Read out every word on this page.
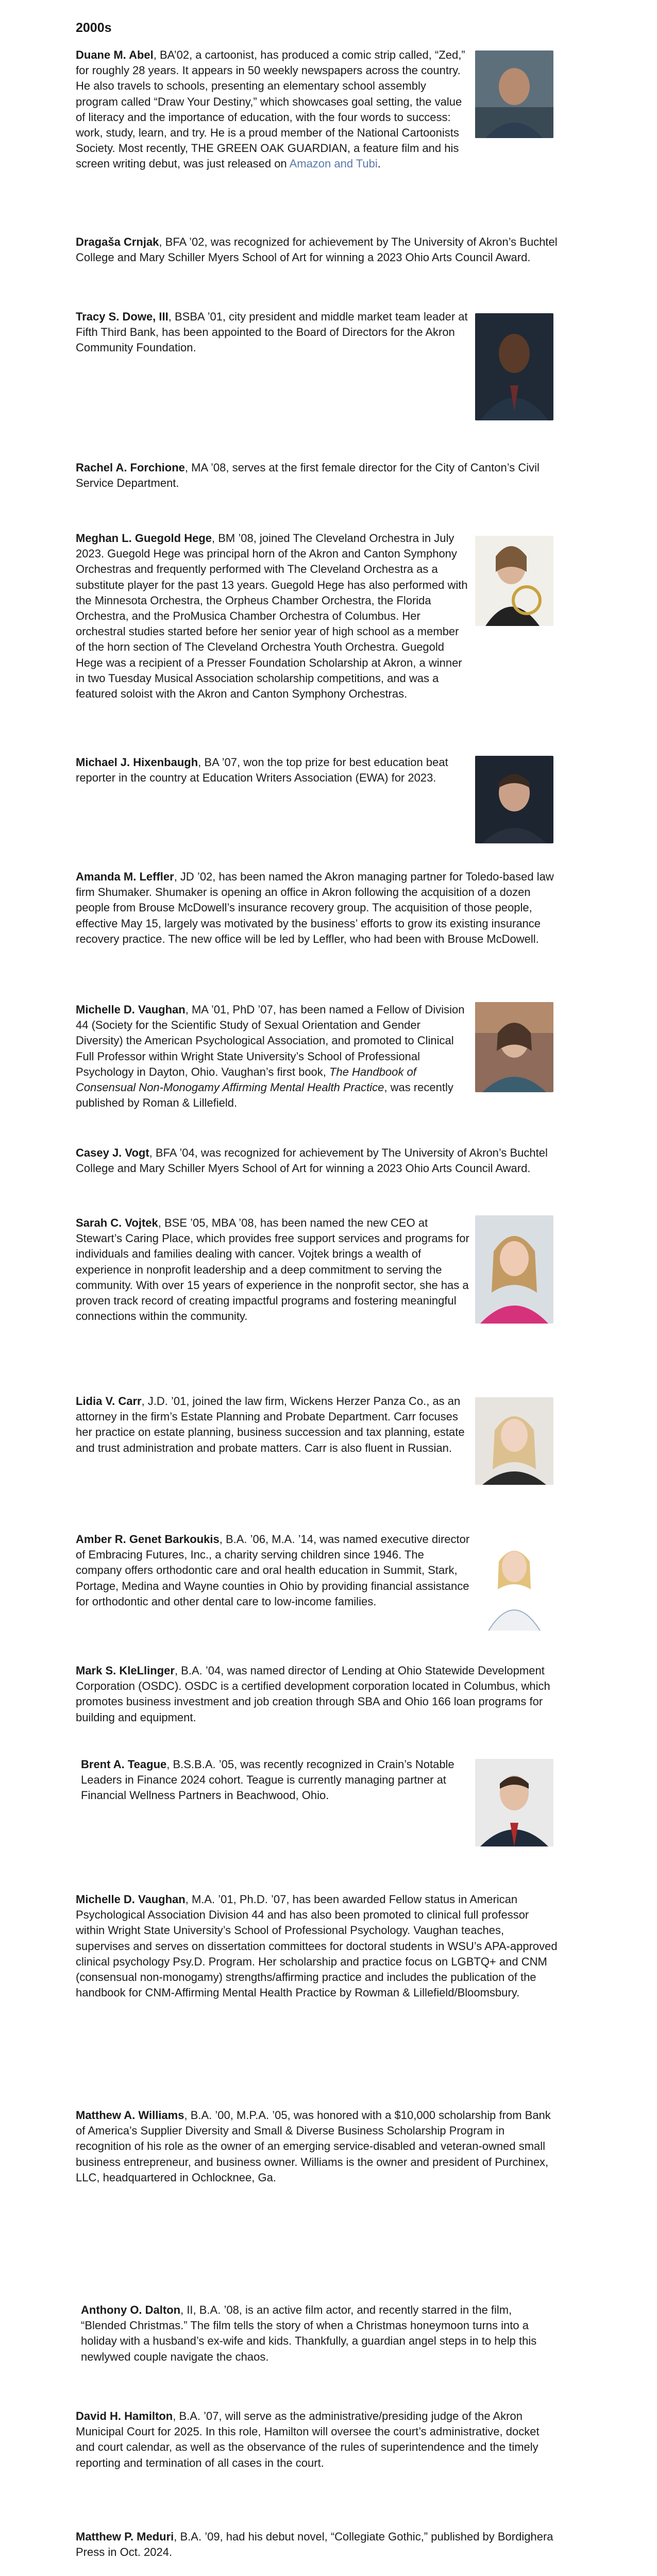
2000s

Duane M. Abel, BA’02, a cartoonist, has produced a comic strip called, “Zed,” for roughly 28 years. It appears in 50 weekly newspapers across the country. He also travels to schools, presenting an elementary school assembly program called “Draw Your Destiny,” which showcases goal setting, the value of literacy and the importance of education, with the four words to success: work, study, learn, and try. He is a proud member of the National Cartoonists Society. Most recently, THE GREEN OAK GUARDIAN, a feature film and his screen writing debut, was just released on Amazon and Tubi.

Dragaša Crnjak, BFA ’02, was recognized for achievement by The University of Akron’s Buchtel College and Mary Schiller Myers School of Art for winning a 2023 Ohio Arts Council Award.

Tracy S. Dowe, III, BSBA ’01, city president and middle market team leader at Fifth Third Bank, has been appointed to the Board of Directors for the Akron Community Foundation.

Rachel A. Forchione, MA ’08, serves at the first female director for the City of Canton’s Civil Service Department.

Meghan L. Guegold Hege, BM ’08, joined The Cleveland Orchestra in July 2023. Guegold Hege was principal horn of the Akron and Canton Symphony Orchestras and frequently performed with The Cleveland Orchestra as a substitute player for the past 13 years. Guegold Hege has also performed with the Minnesota Orchestra, the Orpheus Chamber Orchestra, the Florida Orchestra, and the ProMusica Chamber Orchestra of Columbus. Her orchestral studies started before her senior year of high school as a member of the horn section of The Cleveland Orchestra Youth Orchestra. Guegold Hege was a recipient of a Presser Foundation Scholarship at Akron, a winner in two Tuesday Musical Association scholarship competitions, and was a featured soloist with the Akron and Canton Symphony Orchestras.

Michael J. Hixenbaugh, BA ’07, won the top prize for best education beat reporter in the country at Education Writers Association (EWA) for 2023.

Amanda M. Leffler, JD ’02, has been named the Akron managing partner for Toledo-based law firm Shumaker. Shumaker is opening an office in Akron following the acquisition of a dozen people from Brouse McDowell’s insurance recovery group. The acquisition of those people, effective May 15, largely was motivated by the business’ efforts to grow its existing insurance recovery practice. The new office will be led by Leffler, who had been with Brouse McDowell.

Michelle D. Vaughan, MA ’01, PhD ’07, has been named a Fellow of Division 44 (Society for the Scientific Study of Sexual Orientation and Gender Diversity) the American Psychological Association, and promoted to Clinical Full Professor within Wright State University’s School of Professional Psychology in Dayton, Ohio. Vaughan’s first book, The Handbook of Consensual Non-Monogamy Affirming Mental Health Practice, was recently published by Roman & Lillefield.

Casey J. Vogt, BFA ’04, was recognized for achievement by The University of Akron’s Buchtel College and Mary Schiller Myers School of Art for winning a 2023 Ohio Arts Council Award.

Sarah C. Vojtek, BSE ’05, MBA ’08, has been named the new CEO at Stewart’s Caring Place, which provides free support services and programs for individuals and families dealing with cancer. Vojtek brings a wealth of experience in nonprofit leadership and a deep commitment to serving the community. With over 15 years of experience in the nonprofit sector, she has a proven track record of creating impactful programs and fostering meaningful connections within the community.

Lidia V. Carr, J.D. ’01, joined the law firm, Wickens Herzer Panza Co., as an attorney in the firm’s Estate Planning and Probate Department. Carr focuses her practice on estate planning, business succession and tax planning, estate and trust administration and probate matters. Carr is also fluent in Russian.

Amber R. Genet Barkoukis, B.A. ’06, M.A. ’14, was named executive director of Embracing Futures, Inc., a charity serving children since 1946. The company offers orthodontic care and oral health education in Summit, Stark, Portage, Medina and Wayne counties in Ohio by providing financial assistance for orthodontic and other dental care to low-income families.

Mark S. KleLlinger, B.A. ’04, was named director of Lending at Ohio Statewide Development Corporation (OSDC). OSDC is a certified development corporation located in Columbus, which promotes business investment and job creation through SBA and Ohio 166 loan programs for building and equipment.

Brent A. Teague, B.S.B.A. ’05, was recently recognized in Crain’s Notable Leaders in Finance 2024 cohort. Teague is currently managing partner at Financial Wellness Partners in Beachwood, Ohio.

Michelle D. Vaughan, M.A. ’01, Ph.D. ’07, has been awarded Fellow status in American Psychological Association Division 44 and has also been promoted to clinical full professor within Wright State University’s School of Professional Psychology. Vaughan teaches, supervises and serves on dissertation committees for doctoral students in WSU’s APA-approved clinical psychology Psy.D. Program. Her scholarship and practice focus on LGBTQ+ and CNM (consensual non-monogamy) strengths/affirming practice and includes the publication of the handbook for CNM-Affirming Mental Health Practice by Rowman & Lillefield/Bloomsbury.

Matthew A. Williams, B.A. ’00, M.P.A. ’05, was honored with a $10,000 scholarship from Bank of America’s Supplier Diversity and Small & Diverse Business Scholarship Program in recognition of his role as the owner of an emerging service-disabled and veteran-owned small business entrepreneur, and business owner. Williams is the owner and president of Purchinex, LLC, headquartered in Ochlocknee, Ga.

Anthony O. Dalton, II, B.A. ’08, is an active film actor, and recently starred in the film, “Blended Christmas.” The film tells the story of when a Christmas honeymoon turns into a holiday with a husband’s ex-wife and kids. Thankfully, a guardian angel steps in to help this newlywed couple navigate the chaos.

David H. Hamilton, B.A. ’07, will serve as the administrative/presiding judge of the Akron Municipal Court for 2025. In this role, Hamilton will oversee the court’s administrative, docket and court calendar, as well as the observance of the rules of superintendence and the timely reporting and termination of all cases in the court.

Matthew P. Meduri, B.A. ’09, had his debut novel, “Collegiate Gothic,” published by Bordighera Press in Oct. 2024.
